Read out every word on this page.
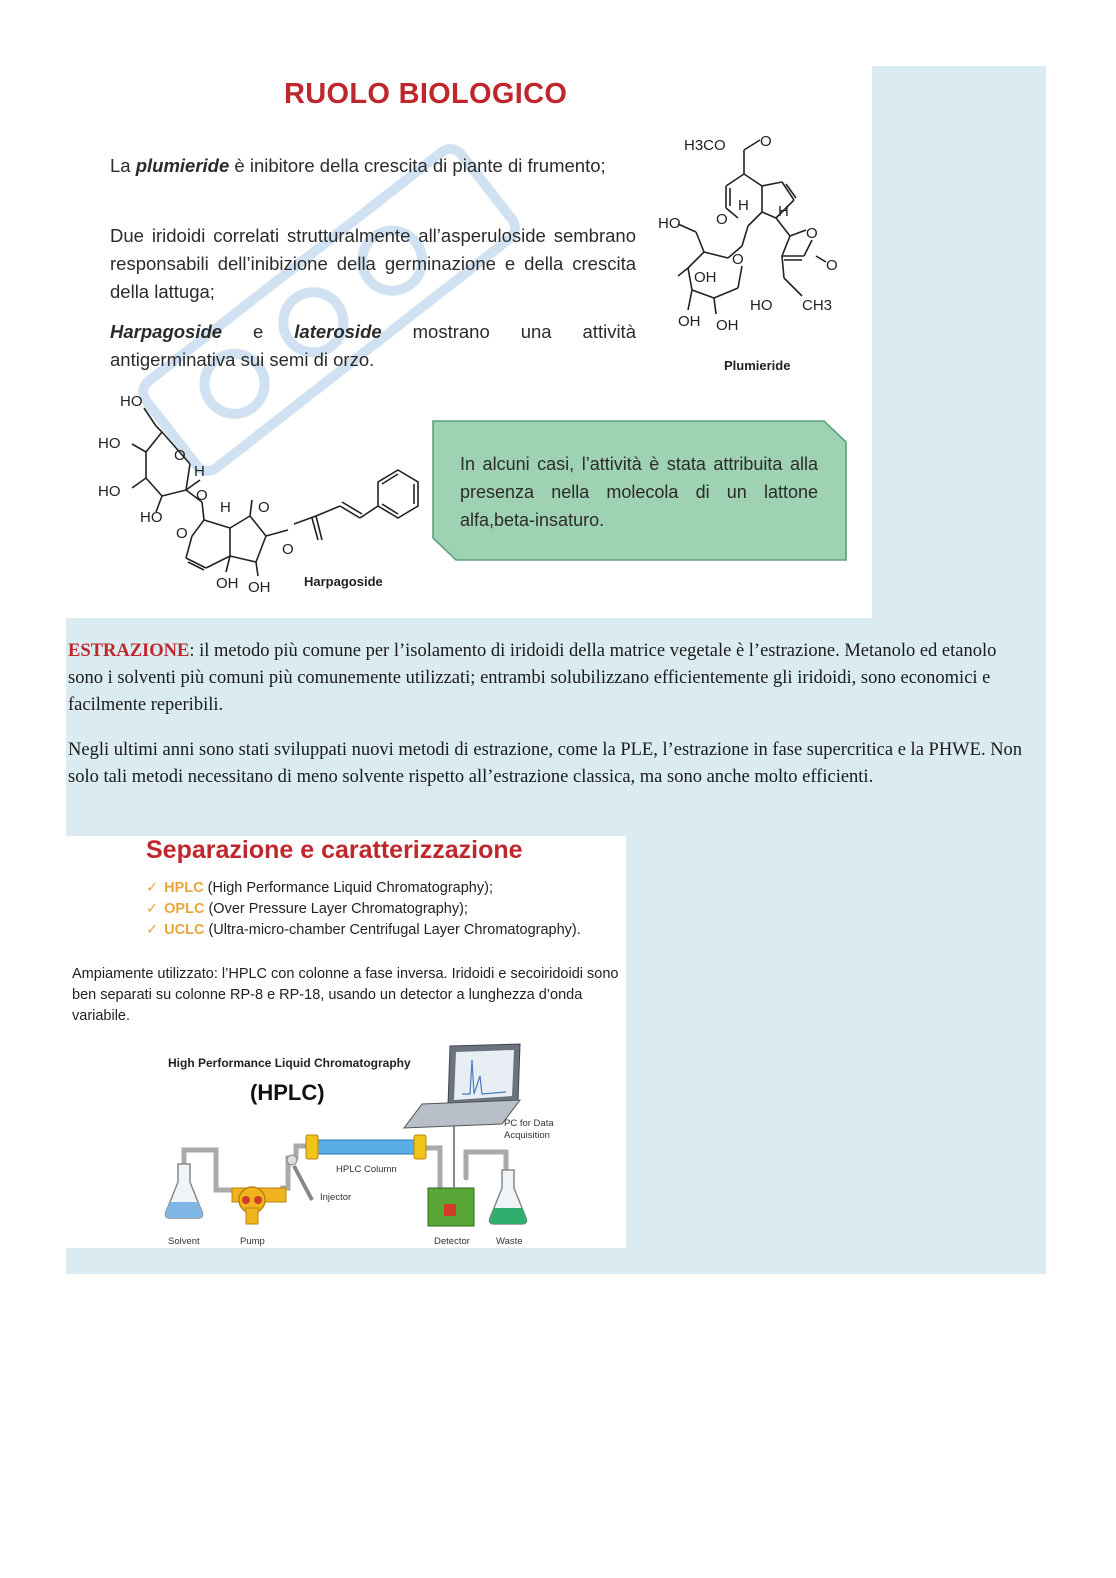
RUOLO BIOLOGICO
La plumieride è inibitore della crescita di piante di frumento;
Due iridoidi correlati strutturalmente all’asperuloside sembrano responsabili dell’inibizione della germinazione e della crescita della lattuga;
Harpagoside e lateroside mostrano una attività antigerminativa sui semi di orzo.
H3CO O
O
H H
O
O
O
HO
OH
OH OH
HO CH3
Plumieride
HO
HO
HO
HO
O
H
O
O
H O
O
OH OH	Harpagoside
In alcuni casi, l’attività è stata attribuita alla presenza nella molecola di un lattone alfa,beta-insaturo.
ESTRAZIONE: il metodo più comune per l’isolamento di iridoidi della matrice vegetale è l’estrazione. Metanolo ed etanolo sono i solventi più comuni più comunemente utilizzati; entrambi solubilizzano efficientemente gli iridoidi, sono economici e facilmente reperibili.
Negli ultimi anni sono stati sviluppati nuovi metodi di estrazione, come la PLE, l’estrazione in fase supercritica e la PHWE. Non solo tali metodi necessitano di meno solvente rispetto all’estrazione classica, ma sono anche molto efficienti.
Separazione e caratterizzazione
✓ HPLC (High Performance Liquid Chromatography);
✓ OPLC (Over Pressure Layer Chromatography);
✓ UCLC (Ultra-micro-chamber Centrifugal Layer Chromatography).
Ampiamente utilizzato: l’HPLC con colonne a fase inversa. Iridoidi e secoiridoidi sono ben separati su colonne RP-8 e RP-18, usando un detector a lunghezza d’onda variabile.
High Performance Liquid Chromatography
(HPLC)
Solvent	Pump
Injector
HPLC Column
Detector	Waste
PC for Data
Acquisition
